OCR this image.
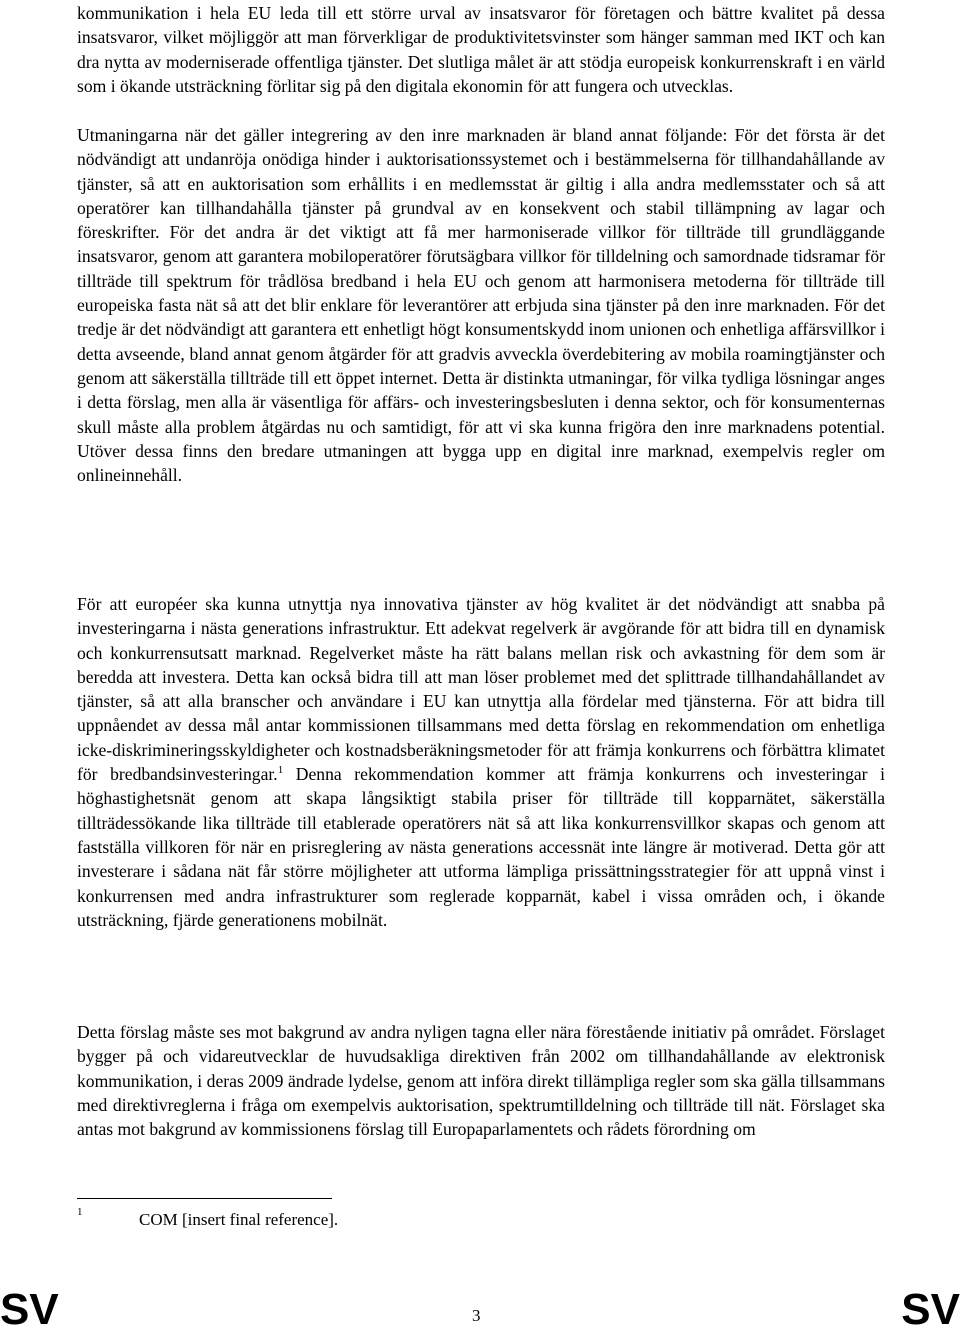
kommunikation i hela EU leda till ett större urval av insatsvaror för företagen och bättre kvalitet på dessa insatsvaror, vilket möjliggör att man förverkligar de produktivitetsvinster som hänger samman med IKT och kan dra nytta av moderniserade offentliga tjänster. Det slutliga målet är att stödja europeisk konkurrenskraft i en värld som i ökande utsträckning förlitar sig på den digitala ekonomin för att fungera och utvecklas.

Utmaningarna när det gäller integrering av den inre marknaden är bland annat följande: För det första är det nödvändigt att undanröja onödiga hinder i auktorisationssystemet och i bestämmelserna för tillhandahållande av tjänster, så att en auktorisation som erhållits i en medlemsstat är giltig i alla andra medlemsstater och så att operatörer kan tillhandahålla tjänster på grundval av en konsekvent och stabil tillämpning av lagar och föreskrifter. För det andra är det viktigt att få mer harmoniserade villkor för tillträde till grundläggande insatsvaror, genom att garantera mobiloperatörer förutsägbara villkor för tilldelning och samordnade tidsramar för tillträde till spektrum för trådlösa bredband i hela EU och genom att harmonisera metoderna för tillträde till europeiska fasta nät så att det blir enklare för leverantörer att erbjuda sina tjänster på den inre marknaden. För det tredje är det nödvändigt att garantera ett enhetligt högt konsumentskydd inom unionen och enhetliga affärsvillkor i detta avseende, bland annat genom åtgärder för att gradvis avveckla överdebitering av mobila roamingtjänster och genom att säkerställa tillträde till ett öppet internet. Detta är distinkta utmaningar, för vilka tydliga lösningar anges i detta förslag, men alla är väsentliga för affärs- och investeringsbesluten i denna sektor, och för konsumenternas skull måste alla problem åtgärdas nu och samtidigt, för att vi ska kunna frigöra den inre marknadens potential. Utöver dessa finns den bredare utmaningen att bygga upp en digital inre marknad, exempelvis regler om onlineinnehåll.

För att européer ska kunna utnyttja nya innovativa tjänster av hög kvalitet är det nödvändigt att snabba på investeringarna i nästa generations infrastruktur. Ett adekvat regelverk är avgörande för att bidra till en dynamisk och konkurrensutsatt marknad. Regelverket måste ha rätt balans mellan risk och avkastning för dem som är beredda att investera. Detta kan också bidra till att man löser problemet med det splittrade tillhandahållandet av tjänster, så att alla branscher och användare i EU kan utnyttja alla fördelar med tjänsterna. För att bidra till uppnåendet av dessa mål antar kommissionen tillsammans med detta förslag en rekommendation om enhetliga icke-diskrimineringsskyldigheter och kostnadsberäkningsmetoder för att främja konkurrens och förbättra klimatet för bredbandsinvesteringar.$^1$ Denna rekommendation kommer att främja konkurrens och investeringar i höghastighetsnät genom att skapa långsiktigt stabila priser för tillträde till kopparnätet, säkerställa tillträdessökande lika tillträde till etablerade operatörers nät så att lika konkurrensvillkor skapas och genom att fastställa villkoren för när en prisreglering av nästa generations accessnät inte längre är motiverad. Detta gör att investerare i sådana nät får större möjligheter att utforma lämpliga prissättningsstrategier för att uppnå vinst i konkurrensen med andra infrastrukturer som reglerade kopparnät, kabel i vissa områden och, i ökande utsträckning, fjärde generationens mobilnät.

Detta förslag måste ses mot bakgrund av andra nyligen tagna eller nära förestående initiativ på området. Förslaget bygger på och vidareutvecklar de huvudsakliga direktiven från 2002 om tillhandahållande av elektronisk kommunikation, i deras 2009 ändrade lydelse, genom att införa direkt tillämpliga regler som ska gälla tillsammans med direktivreglerna i fråga om exempelvis auktorisation, spektrumtilldelning och tillträde till nät. Förslaget ska antas mot bakgrund av kommissionens förslag till Europaparlamentets och rådets förordning om

1	COM [insert final reference].
SV	3	SV
